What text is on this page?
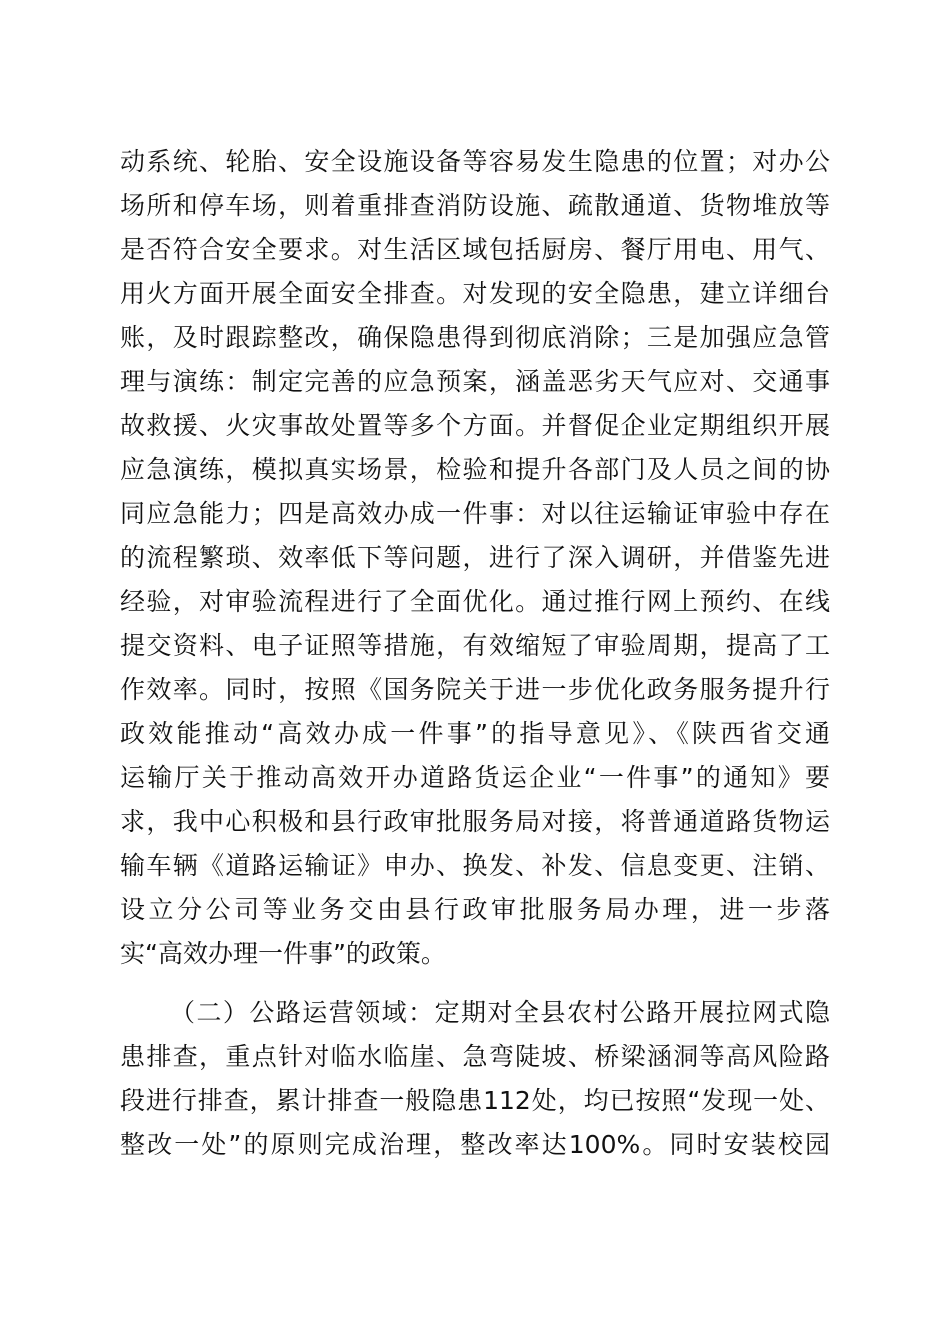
动系统、轮胎、安全设施设备等容易发生隐患的位置；对办公
场所和停车场，则着重排查消防设施、疏散通道、货物堆放等
是否符合安全要求。对生活区域包括厨房、餐厅用电、用气、
用火方面开展全面安全排查。对发现的安全隐患，建立详细台
账，及时跟踪整改，确保隐患得到彻底消除；三是加强应急管
理与演练：制定完善的应急预案，涵盖恶劣天气应对、交通事
故救援、火灾事故处置等多个方面。并督促企业定期组织开展
应急演练，模拟真实场景，检验和提升各部门及人员之间的协
同应急能力；四是高效办成一件事：对以往运输证审验中存在
的流程繁琐、效率低下等问题，进行了深入调研，并借鉴先进
经验，对审验流程进行了全面优化。通过推行网上预约、在线
提交资料、电子证照等措施，有效缩短了审验周期，提高了工
作效率。同时，按照《国务院关于进一步优化政务服务提升行
政效能推动“高效办成一件事”的指导意见》、《陕西省交通
运输厅关于推动高效开办道路货运企业“一件事”的通知》要
求，我中心积极和县行政审批服务局对接，将普通道路货物运
输车辆《道路运输证》申办、换发、补发、信息变更、注销、
设立分公司等业务交由县行政审批服务局办理，进一步落
实“高效办理一件事”的政策。
（二）公路运营领域：定期对全县农村公路开展拉网式隐
患排查，重点针对临水临崖、急弯陡坡、桥梁涵洞等高风险路
段进行排查，累计排查一般隐患112处，均已按照“发现一处、
整改一处”的原则完成治理，整改率达100%。同时安装校园
